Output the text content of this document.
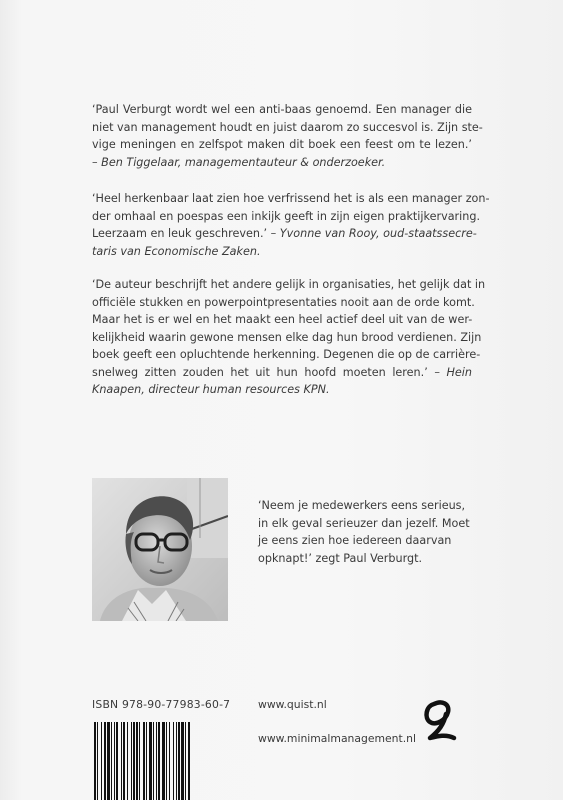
‘Paul Verburgt wordt wel een anti-baas genoemd. Een manager die
niet van management houdt en juist daarom zo succesvol is. Zijn ste-
vige meningen en zelfspot maken dit boek een feest om te lezen.’
– Ben Tiggelaar, managementauteur & onderzoeker.
‘Heel herkenbaar laat zien hoe verfrissend het is als een manager zon-
der omhaal en poespas een inkijk geeft in zijn eigen praktijkervaring.
Leerzaam en leuk geschreven.’ – Yvonne van Rooy, oud-staatssecre-
taris van Economische Zaken.
‘De auteur beschrijft het andere gelijk in organisaties, het gelijk dat in
officiële stukken en powerpointpresentaties nooit aan de orde komt.
Maar het is er wel en het maakt een heel actief deel uit van de wer-
kelijkheid waarin gewone mensen elke dag hun brood verdienen. Zijn
boek geeft een opluchtende herkenning. Degenen die op de carrière-
snelweg zitten zouden het uit hun hoofd moeten leren.’ – Hein
Knaapen, directeur human resources KPN.
‘Neem je medewerkers eens serieus,
in elk geval serieuzer dan jezelf. Moet
je eens zien hoe iedereen daarvan
opknapt!’ zegt Paul Verburgt.
ISBN 978-90-77983-60-7	www.quist.nl
www.minimalmanagement.nl
